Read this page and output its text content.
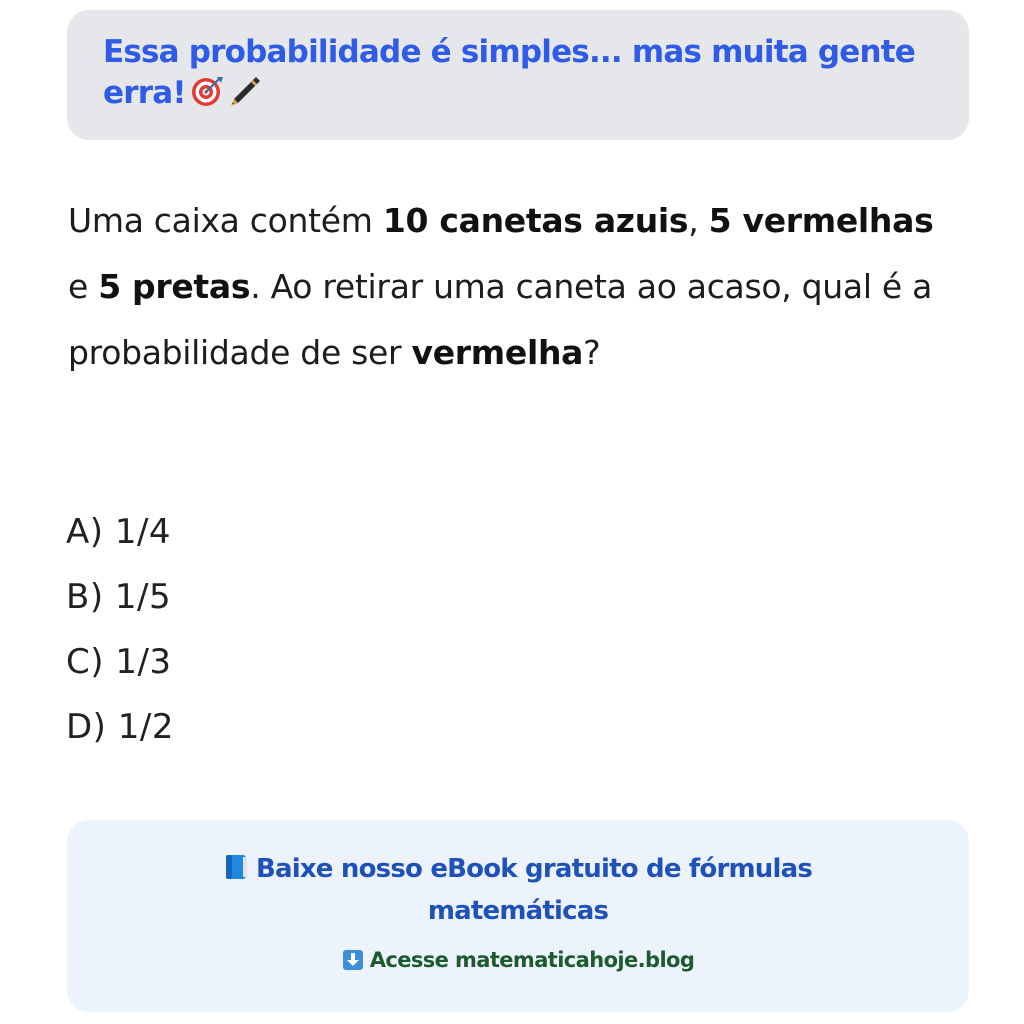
Essa probabilidade é simples... mas muita gente erra!

Uma caixa contém 10 canetas azuis, 5 vermelhas e 5 pretas. Ao retirar uma caneta ao acaso, qual é a probabilidade de ser vermelha?

A) 1/4
B) 1/5
C) 1/3
D) 1/2
Baixe nosso eBook gratuito de fórmulas matemáticas
Acesse matematicahoje.blog
